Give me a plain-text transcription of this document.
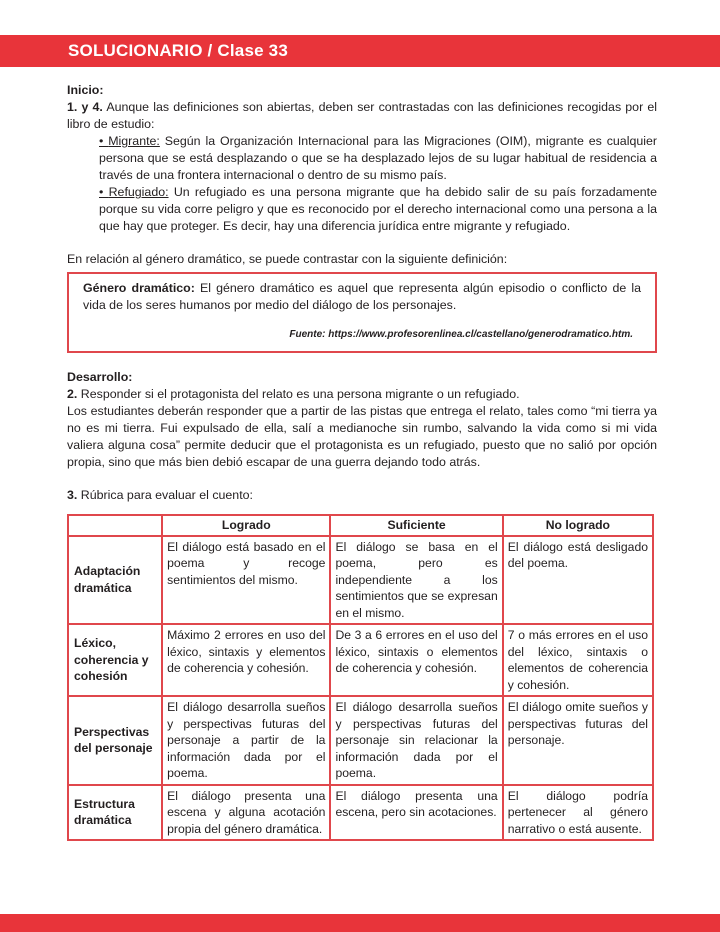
SOLUCIONARIO / Clase 33

Inicio:

1. y 4. Aunque las definiciones son abiertas, deben ser contrastadas con las definiciones recogidas por el libro de estudio:

• Migrante: Según la Organización Internacional para las Migraciones (OIM), migrante es cualquier persona que se está desplazando o que se ha desplazado lejos de su lugar habitual de residencia a través de una frontera internacional o dentro de su mismo país.

• Refugiado: Un refugiado es una persona migrante que ha debido salir de su país forzadamente porque su vida corre peligro y que es reconocido por el derecho internacional como una persona a la que hay que proteger. Es decir, hay una diferencia jurídica entre migrante y refugiado.

En relación al género dramático, se puede contrastar con la siguiente definición:

Género dramático: El género dramático es aquel que representa algún episodio o conflicto de la vida de los seres humanos por medio del diálogo de los personajes.

Fuente: https://www.profesorenlinea.cl/castellano/generodramatico.htm.

Desarrollo:

2. Responder si el protagonista del relato es una persona migrante o un refugiado.

Los estudiantes deberán responder que a partir de las pistas que entrega el relato, tales como “mi tierra ya no es mi tierra. Fui expulsado de ella, salí a medianoche sin rumbo, salvando la vida como si mi vida valiera alguna cosa” permite deducir que el protagonista es un refugiado, puesto que no salió por opción propia, sino que más bien debió escapar de una guerra dejando todo atrás.

3. Rúbrica para evaluar el cuento:

	Logrado	Suficiente	No logrado
Adaptación dramática	El diálogo está basado en el poema y recoge sentimientos del mismo.	El diálogo se basa en el poema, pero es independiente a los sentimientos que se expresan en el mismo.	El diálogo está desligado del poema.
Léxico, coherencia y cohesión	Máximo 2 errores en uso del léxico, sintaxis y elementos de coherencia y cohesión.	De 3 a 6 errores en el uso del léxico, sintaxis o elementos de coherencia y cohesión.	7 o más errores en el uso del léxico, sintaxis o elementos de coherencia y cohesión.
Perspectivas del personaje	El diálogo desarrolla sueños y perspectivas futuras del personaje a partir de la información dada por el poema.	El diálogo desarrolla sueños y perspectivas futuras del personaje sin relacionar la información dada por el poema.	El diálogo omite sueños y perspectivas futuras del personaje.
Estructura dramática	El diálogo presenta una escena y alguna acotación propia del género dramática.	El diálogo presenta una escena, pero sin acotaciones.	El diálogo podría pertenecer al género narrativo o está ausente.
